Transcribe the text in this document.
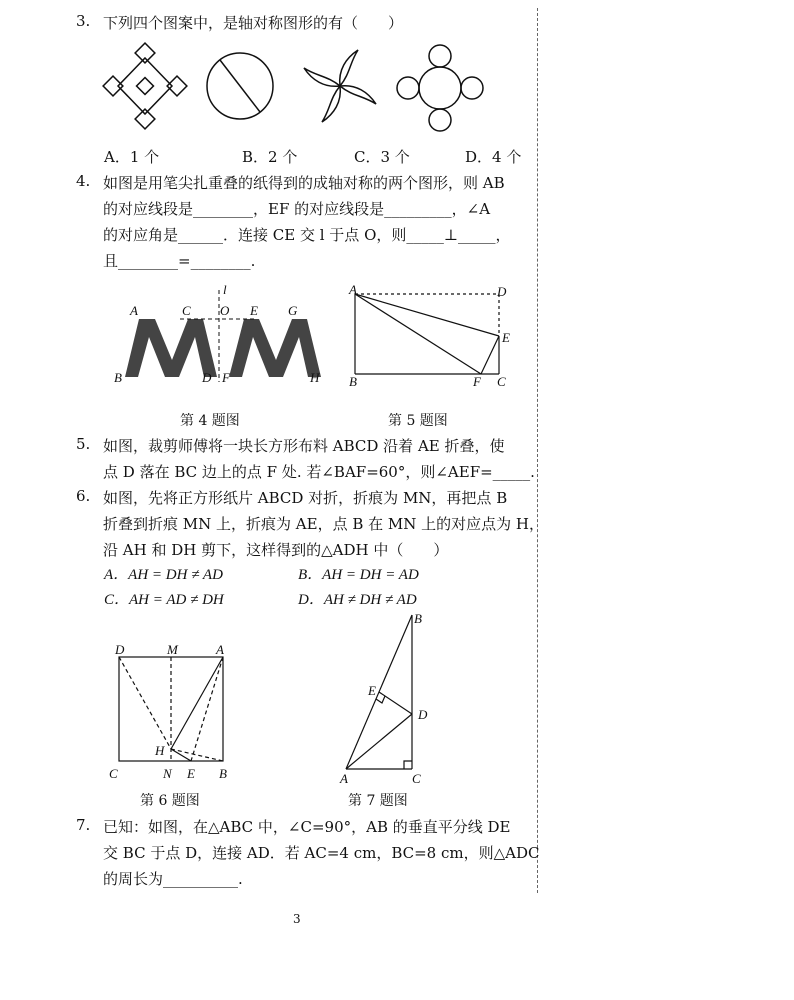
3. 下列四个图案中，是轴对称图形的有（　　）
A．1 个	B．2 个	C．3 个	D．4 个
4. 如图是用笔尖扎重叠的纸得到的成轴对称的两个图形，则 AB
的对应线段是________，EF 的对应线段是_________，∠A
的对应角是______．连接 CE 交 l 于点 O，则_____⊥_____，
且________=________.
A	C
l
O E G
B	D F	H
A	D
E
B	F C
第 4 题图	第 5 题图
5. 如图，裁剪师傅将一块长方形布料 ABCD 沿着 AE 折叠，使
点 D 落在 BC 边上的点 F 处. 若∠BAF=60°，则∠AEF=_____.
6. 如图，先将正方形纸片 ABCD 对折，折痕为 MN，再把点 B
折叠到折痕 MN 上，折痕为 AE，点 B 在 MN 上的对应点为 H，
沿 AH 和 DH 剪下，这样得到的△ADH 中（　　）
A．AH = DH ≠ AD	B．AH = DH = AD
C．AH = AD ≠ DH	D．AH ≠ DH ≠ AD
D	M	A
H
C	N E B
B
E
D
A	C
第 6 题图	第 7 题图
7. 已知：如图，在△ABC 中，∠C=90°，AB 的垂直平分线 DE
交 BC 于点 D，连接 AD．若 AC=4 cm，BC=8 cm，则△ADC
的周长为__________.
3
